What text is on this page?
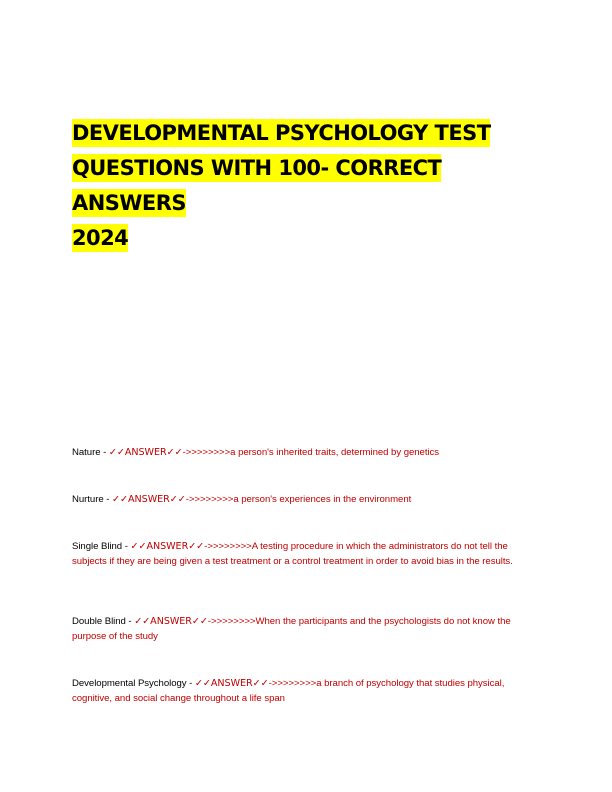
DEVELOPMENTAL PSYCHOLOGY TEST
QUESTIONS WITH 100- CORRECT ANSWERS
2024

Nature - ✓✓ANSWER✓✓->>>>>>>>a person's inherited traits, determined by genetics

Nurture - ✓✓ANSWER✓✓->>>>>>>>a person's experiences in the environment

Single Blind - ✓✓ANSWER✓✓->>>>>>>>A testing procedure in which the administrators do not tell the subjects if they are being given a test treatment or a control treatment in order to avoid bias in the results.

Double Blind - ✓✓ANSWER✓✓->>>>>>>>When the participants and the psychologists do not know the purpose of the study

Developmental Psychology - ✓✓ANSWER✓✓->>>>>>>>a branch of psychology that studies physical, cognitive, and social change throughout a life span
